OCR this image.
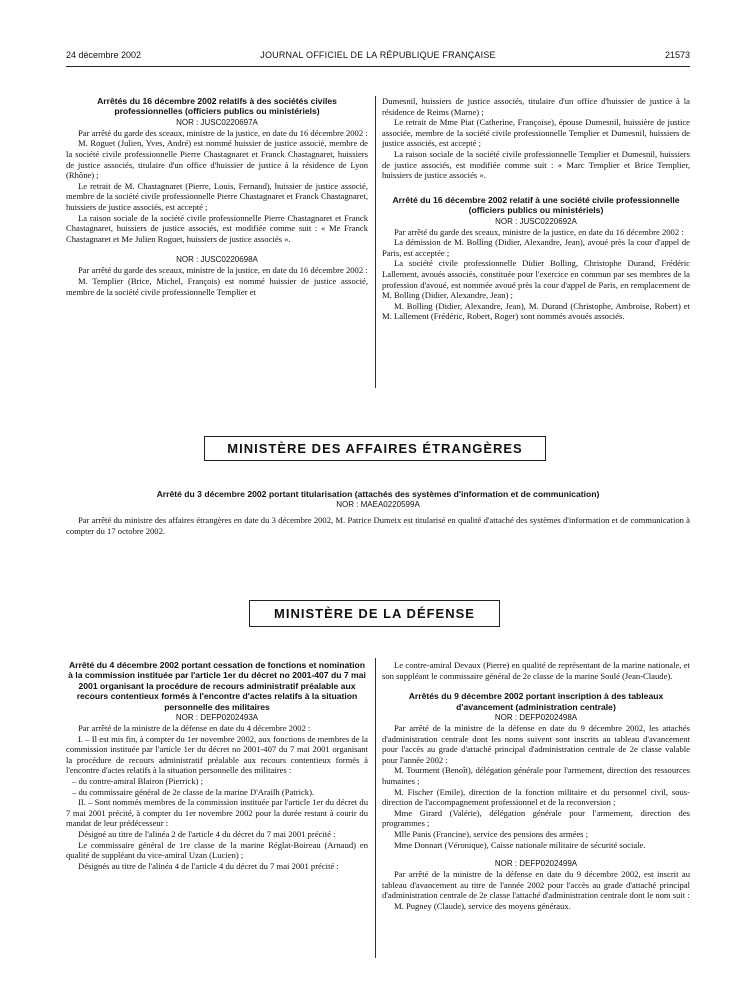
24 décembre 2002	JOURNAL OFFICIEL DE LA RÉPUBLIQUE FRANÇAISE	21573

Arrêtés du 16 décembre 2002 relatifs à des sociétés civiles professionnelles (officiers publics ou ministériels)

NOR : JUSC0220697A

Par arrêté du garde des sceaux, ministre de la justice, en date du 16 décembre 2002 :

M. Roguet (Julien, Yves, André) est nommé huissier de justice associé, membre de la société civile professionnelle Pierre Chastagnaret et Franck Chastagnaret, huissiers de justice associés, titulaire d'un office d'huissier de justice à la résidence de Lyon (Rhône) ;

Le retrait de M. Chastagnaret (Pierre, Louis, Fernand), huissier de justice associé, membre de la société civile professionnelle Pierre Chastagnaret et Franck Chastagnaret, huissiers de justice associés, est accepté ;

La raison sociale de la société civile professionnelle Pierre Chastagnaret et Franck Chastagnaret, huissiers de justice associés, est modifiée comme suit : « Me Franck Chastagnaret et Me Julien Roguet, huissiers de justice associés ».

NOR : JUSC0220698A

Par arrêté du garde des sceaux, ministre de la justice, en date du 16 décembre 2002 :

M. Templier (Brice, Michel, François) est nommé huissier de justice associé, membre de la société civile professionnelle Templier et

Dumesnil, huissiers de justice associés, titulaire d'un office d'huissier de justice à la résidence de Reims (Marne) ;

Le retrait de Mme Piat (Catherine, Françoise), épouse Dumesnil, huissière de justice associée, membre de la société civile professionnelle Templier et Dumesnil, huissiers de justice associés, est accepté ;

La raison sociale de la société civile professionnelle Templier et Dumesnil, huissiers de justice associés, est modifiée comme suit : « Marc Templier et Brice Templier, huissiers de justice associés ».

Arrêté du 16 décembre 2002 relatif à une société civile professionnelle (officiers publics ou ministériels)

NOR : JUSC0220692A

Par arrêté du garde des sceaux, ministre de la justice, en date du 16 décembre 2002 :

La démission de M. Bolling (Didier, Alexandre, Jean), avoué près la cour d'appel de Paris, est acceptée ;

La société civile professionnelle Didier Bolling, Christophe Durand, Frédéric Lallement, avoués associés, constituée pour l'exercice en commun par ses membres de la profession d'avoué, est nommée avoué près la cour d'appel de Paris, en remplacement de M. Bolling (Didier, Alexandre, Jean) ;

M. Bolling (Didier, Alexandre, Jean), M. Durand (Christophe, Ambroise, Robert) et M. Lallement (Frédéric, Robert, Roger) sont nommés avoués associés.

MINISTÈRE DES AFFAIRES ÉTRANGÈRES

Arrêté du 3 décembre 2002 portant titularisation (attachés des systèmes d'information et de communication)

NOR : MAEA0220599A

Par arrêté du ministre des affaires étrangères en date du 3 décembre 2002, M. Patrice Dumeix est titularisé en qualité d'attaché des systèmes d'information et de communication à compter du 17 octobre 2002.

MINISTÈRE DE LA DÉFENSE

Arrêté du 4 décembre 2002 portant cessation de fonctions et nomination à la commission instituée par l'article 1er du décret no 2001-407 du 7 mai 2001 organisant la procédure de recours administratif préalable aux recours contentieux formés à l'encontre d'actes relatifs à la situation personnelle des militaires

NOR : DEFP0202493A

Par arrêté de la ministre de la défense en date du 4 décembre 2002 :

I. – Il est mis fin, à compter du 1er novembre 2002, aux fonctions de membres de la commission instituée par l'article 1er du décret no 2001-407 du 7 mai 2001 organisant la procédure de recours administratif préalable aux recours contentieux formés à l'encontre d'actes relatifs à la situation personnelle des militaires :

– du contre-amiral Blairon (Pierrick) ;

– du commissaire général de 2e classe de la marine D'Arailh (Patrick).

II. – Sont nommés membres de la commission instituée par l'article 1er du décret du 7 mai 2001 précité, à compter du 1er novembre 2002 pour la durée restant à courir du mandat de leur prédécesseur :

Désigné au titre de l'alinéa 2 de l'article 4 du décret du 7 mai 2001 précité :

Le commissaire général de 1re classe de la marine Réglat-Boireau (Arnaud) en qualité de suppléant du vice-amiral Uzan (Lucien) ;

Désignés au titre de l'alinéa 4 de l'article 4 du décret du 7 mai 2001 précité :

Le contre-amiral Devaux (Pierre) en qualité de représentant de la marine nationale, et son suppléant le commissaire général de 2e classe de la marine Soulé (Jean-Claude).

Arrêtés du 9 décembre 2002 portant inscription à des tableaux d'avancement (administration centrale)

NOR : DEFP0202498A

Par arrêté de la ministre de la défense en date du 9 décembre 2002, les attachés d'administration centrale dont les noms suivent sont inscrits au tableau d'avancement pour l'accès au grade d'attaché principal d'administration centrale de 2e classe valable pour l'année 2002 :

M. Tourment (Benoît), délégation générale pour l'armement, direction des ressources humaines ;

M. Fischer (Emile), direction de la fonction militaire et du personnel civil, sous-direction de l'accompagnement professionnel et de la reconversion ;

Mme Girard (Valérie), délégation générale pour l'armement, direction des programmes ;

Mlle Panis (Francine), service des pensions des armées ;

Mme Donnart (Véronique), Caisse nationale militaire de sécurité sociale.

NOR : DEFP0202499A

Par arrêté de la ministre de la défense en date du 9 décembre 2002, est inscrit au tableau d'avancement au titre de l'année 2002 pour l'accès au grade d'attaché principal d'administration centrale de 2e classe l'attaché d'administration centrale dont le nom suit :

M. Pugney (Claude), service des moyens généraux.
